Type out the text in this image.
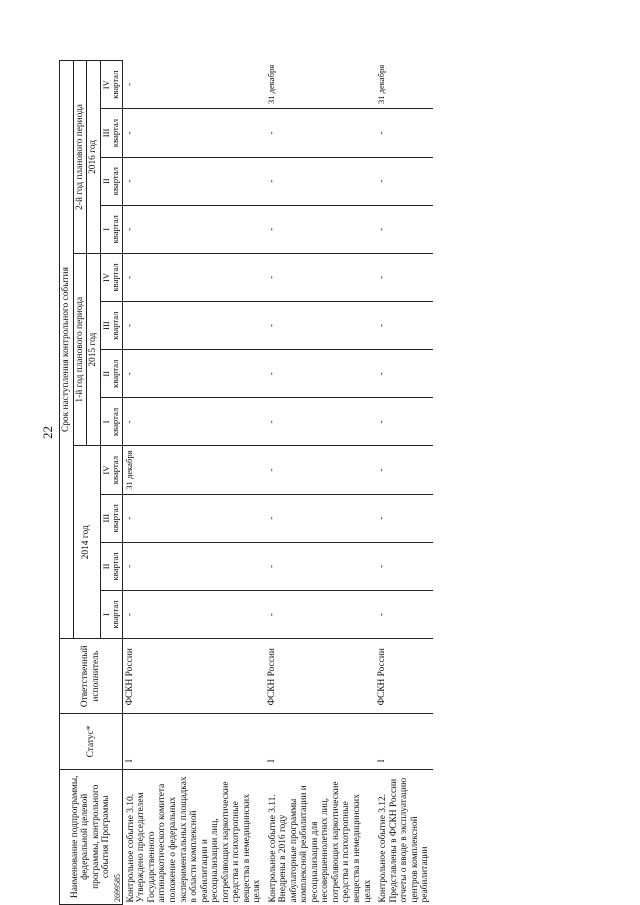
22
2699585
Наименование подпрограммы, федеральной целевой программы, контрольного события Программы	Статус*	Ответственный исполнитель	Срок наступления контрольного события											
			2014 год				1-й год планового периода				2-й год планового периода			
							2015 год				2016 год			
			I
квартал	II
квартал	III
квартал	IV
квартал	I
квартал	II
квартал	III
квартал	IV
квартал	I
квартал	II
квартал	III
квартал	IV
квартал
Контрольное событие 3.10. Утверждено председателем Государственного антинаркотического комитета положение о федеральных экспериментальных площадках в области комплексной реабилитации и ресоциализации лиц, потребляющих наркотические средства и психотропные вещества в немедицинских целях	I	ФСКН России	-	-	-	31 декабря	-	-	-	-	-	-	-	-
Контрольное событие 3.11. Внедрены в 2016 году амбулаторные программы комплексной реабилитации и ресоциализации для несовершеннолетних лиц, потребляющих наркотические средства и психотропные вещества в немедицинских целях	I	ФСКН России	-	-	-	-	-	-	-	-	-	-	-	31 декабря
Контрольное событие 3.12. Представлены в ФСКН России отчеты о вводе в эксплуатацию центров комплексной реабилитации	I	ФСКН России	-	-	-	-	-	-	-	-	-	-	-	31 декабря
